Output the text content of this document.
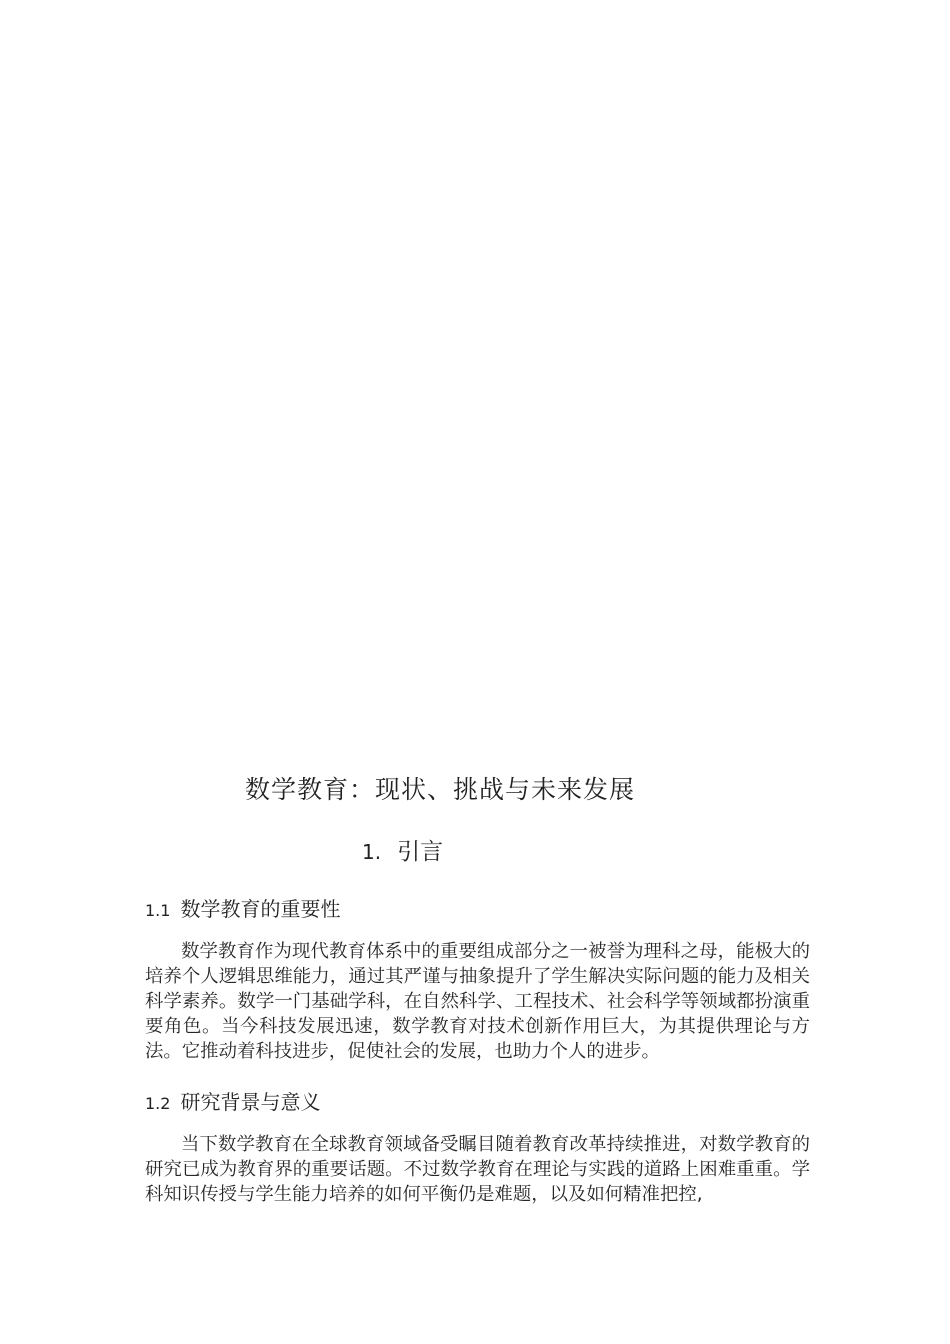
数学教育：现状、挑战与未来发展
1. 引言
1.1 数学教育的重要性

数学教育作为现代教育体系中的重要组成部分之一被誉为理科之母，能极大的培养个人逻辑思维能力，通过其严谨与抽象提升了学生解决实际问题的能力及相关科学素养。数学一门基础学科，在自然科学、工程技术、社会科学等领域都扮演重要角色。当今科技发展迅速，数学教育对技术创新作用巨大，为其提供理论与方法。它推动着科技进步，促使社会的发展，也助力个人的进步。

1.2 研究背景与意义

当下数学教育在全球教育领域备受瞩目随着教育改革持续推进，对数学教育的研究已成为教育界的重要话题。不过数学教育在理论与实践的道路上困难重重。学科知识传授与学生能力培养的如何平衡仍是难题，以及如何精准把控,
